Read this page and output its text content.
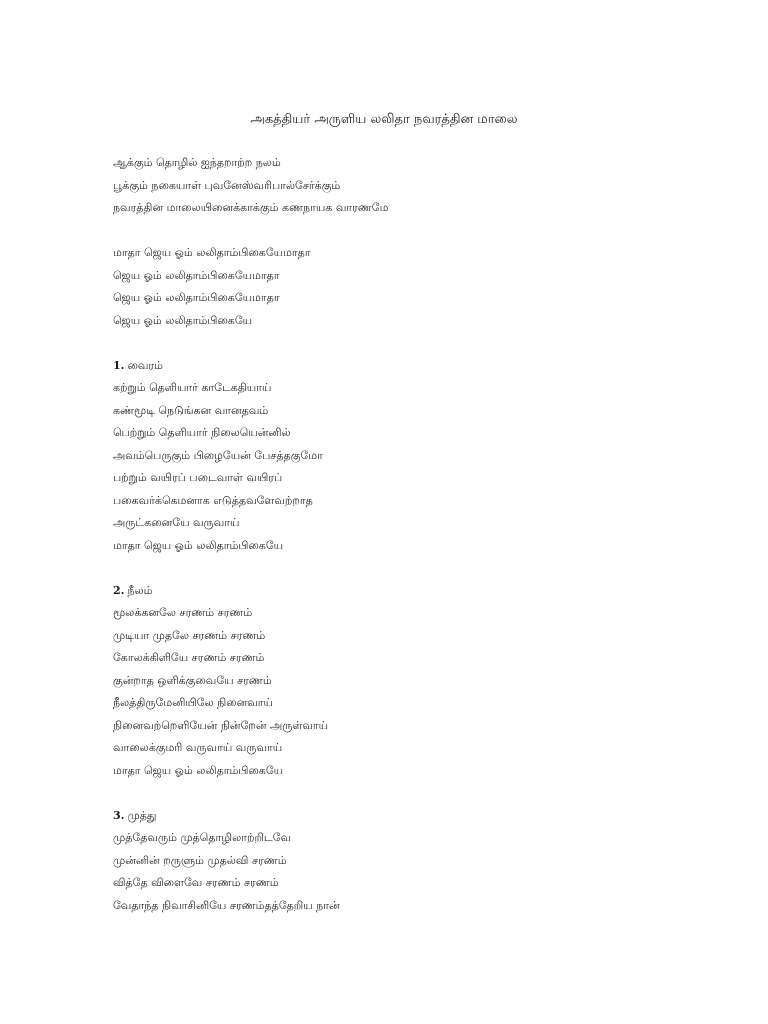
அகத்தியர் அருளிய லலிதா நவரத்தின மாலை
ஆக்கும் தொழில் ஐந்தறாற்ற நலம்
பூக்கும் நகையாள் புவனேஸ்வரிபால்சேர்க்கும்
நவரத்தின மாலையினைக்காக்கும் கணநாயக வாரணமே
மாதா ஜெய ஓம் லலிதாம்பிகையேமாதா
ஜெய ஓம் லலிதாம்பிகையேமாதா
ஜெய ஓம் லலிதாம்பிகையேமாதா
ஜெய ஓம் லலிதாம்பிகையே
1. வைரம்
கற்றும் தெளியார் காடேகதியாய்
கண்மூடி நெடுங்கன வானதவம்
பெற்றும் தெளியார் நிலையென்னில்
அவம்பெருகும் பிழையேன் பேசத்தகுமோ
பற்றும் வயிரப் படைவாள் வயிரப்
பகைவர்க்கெமனாக எடுத்தவளேவற்றாத
அருட்கனையே வருவாய்
மாதா ஜெய ஓம் லலிதாம்பிகையே
2. நீலம்
மூலக்கனலே சரணம் சரணம்
முடியா முதலே சரணம் சரணம்
கோலக்கிளியே சரணம் சரணம்
குன்றாத ஒளிக்குவையே சரணம்
நீலத்திருமேனியிலே நினைவாய்
நினைவற்றெளியேன் நின்றேன் அருள்வாய்
வாலைக்குமரி வருவாய் வருவாய்
மாதா ஜெய ஓம் லலிதாம்பிகையே
3. முத்து
முத்தேவரும் முத்தொழிலாற்றிடவே
முன்னின் றருளும் முதல்வி சரணம்
வித்தே விளைவே சரணம் சரணம்
வேதாந்த நிவாசினியே சரணம்தத்தேறிய நான்
